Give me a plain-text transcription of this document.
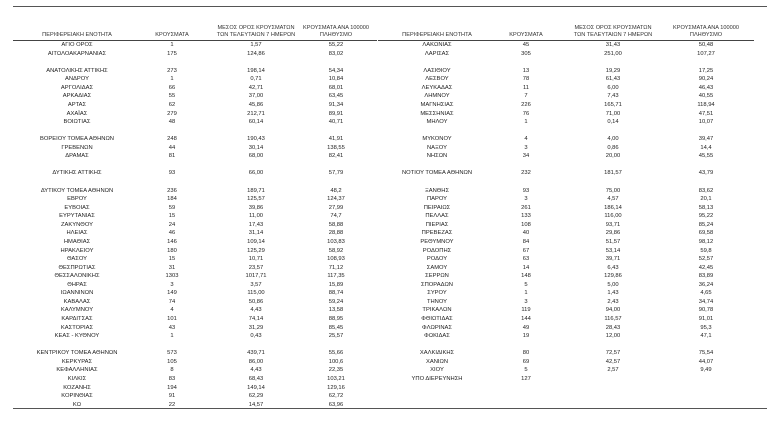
ΠΕΡΙΦΕΡΕΙΑΚΗ ΕΝΟΤΗΤΑ	ΚΡΟΥΣΜΑΤΑ
ΜΕΣΟΣ ΟΡΟΣ ΚΡΟΥΣΜΑΤΩΝ
ΤΩΝ ΤΕΛΕΥΤΑΙΩΝ 7 ΗΜΕΡΩΝ
ΚΡΟΥΣΜΑΤΑ ΑΝΑ 100000
ΠΛΗΘΥΣΜΟ
ΑΓΙΟ ΟΡΟΣ	1	1,57	55,22
ΑΙΤΩΛΟΑΚΑΡΝΑΝΙΑΣ	175	124,86	83,02
ΑΝΑΤΟΛΙΚΗΣ ΑΤΤΙΚΗΣ	273	198,14	54,34
ΑΝΔΡΟΥ	1	0,71	10,84
ΑΡΓΟΛΙΔΑΣ	66	42,71	68,01
ΑΡΚΑΔΙΑΣ	55	37,00	63,45
ΑΡΤΑΣ	62	45,86	91,34
ΑΧΑΪΑΣ	279	212,71	89,91
ΒΟΙΩΤΙΑΣ	48	60,14	40,71
ΒΟΡΕΙΟΥ ΤΟΜΕΑ ΑΘΗΝΩΝ	248	190,43	41,91
ΓΡΕΒΕΝΩΝ	44	30,14	138,55
ΔΡΑΜΑΣ	81	68,00	82,41
ΔΥΤΙΚΗΣ ΑΤΤΙΚΗΣ	93	66,00	57,79
ΔΥΤΙΚΟΥ ΤΟΜΕΑ ΑΘΗΝΩΝ	236	189,71	48,2
ΕΒΡΟΥ	184	125,57	124,37
ΕΥΒΟΙΑΣ	59	39,86	27,99
ΕΥΡΥΤΑΝΙΑΣ	15	11,00	74,7
ΖΑΚΥΝΘΟΥ	24	17,43	58,88
ΗΛΕΙΑΣ	46	31,14	28,88
ΗΜΑΘΙΑΣ	146	109,14	103,83
ΗΡΑΚΛΕΙΟΥ	180	125,29	58,92
ΘΑΣΟΥ	15	10,71	108,93
ΘΕΣΠΡΩΤΙΑΣ	31	23,57	71,12
ΘΕΣΣΑΛΟΝΙΚΗΣ	1303	1017,71	117,35
ΘΗΡΑΣ	3	3,57	15,89
ΙΩΑΝΝΙΝΩΝ	149	115,00	88,74
ΚΑΒΑΛΑΣ	74	50,86	59,24
ΚΑΛΥΜΝΟΥ	4	4,43	13,58
ΚΑΡΔΙΤΣΑΣ	101	74,14	88,95
ΚΑΣΤΟΡΙΑΣ	43	31,29	85,45
ΚΕΑΣ - ΚΥΘΝΟΥ	1	0,43	25,57
ΚΕΝΤΡΙΚΟΥ ΤΟΜΕΑ ΑΘΗΝΩΝ	573	439,71	55,66
ΚΕΡΚΥΡΑΣ	105	86,00	100,6
ΚΕΦΑΛΛΗΝΙΑΣ	8	4,43	22,35
ΚΙΛΚΙΣ	83	68,43	103,21
ΚΟΖΑΝΗΣ	194	149,14	129,16
ΚΟΡΙΝΘΙΑΣ	91	62,29	62,72
ΚΩ	22	14,57	63,96
ΠΕΡΙΦΕΡΕΙΑΚΗ ΕΝΟΤΗΤΑ	ΚΡΟΥΣΜΑΤΑ
ΜΕΣΟΣ ΟΡΟΣ ΚΡΟΥΣΜΑΤΩΝ
ΤΩΝ ΤΕΛΕΥΤΑΙΩΝ 7 ΗΜΕΡΩΝ
ΚΡΟΥΣΜΑΤΑ ΑΝΑ 100000
ΠΛΗΘΥΣΜΟ
ΛΑΚΩΝΙΑΣ	45	31,43	50,48
ΛΑΡΙΣΑΣ	305	251,00	107,27
ΛΑΣΙΘΙΟΥ	13	19,29	17,25
ΛΕΣΒΟΥ	78	61,43	90,24
ΛΕΥΚΑΔΑΣ	11	6,00	46,43
ΛΗΜΝΟΥ	7	7,43	40,55
ΜΑΓΝΗΣΙΑΣ	226	165,71	118,94
ΜΕΣΣΗΝΙΑΣ	76	71,00	47,51
ΜΗΛΟΥ	1	0,14	10,07
ΜΥΚΟΝΟΥ	4	4,00	39,47
ΝΑΞΟΥ	3	0,86	14,4
ΝΗΣΩΝ	34	20,00	45,55
ΝΟΤΙΟΥ ΤΟΜΕΑ ΑΘΗΝΩΝ	232	181,57	43,79
ΞΑΝΘΗΣ	93	75,00	83,62
ΠΑΡΟΥ	3	4,57	20,1
ΠΕΙΡΑΙΩΣ	261	186,14	58,13
ΠΕΛΛΑΣ	133	116,00	95,22
ΠΙΕΡΙΑΣ	108	93,71	85,24
ΠΡΕΒΕΖΑΣ	40	29,86	69,58
ΡΕΘΥΜΝΟΥ	84	51,57	98,12
ΡΟΔΟΠΗΣ	67	53,14	59,8
ΡΟΔΟΥ	63	39,71	52,57
ΣΑΜΟΥ	14	6,43	42,45
ΣΕΡΡΩΝ	148	129,86	83,89
ΣΠΟΡΑΔΩΝ	5	5,00	36,24
ΣΥΡΟΥ	1	1,43	4,65
ΤΗΝΟΥ	3	2,43	34,74
ΤΡΙΚΑΛΩΝ	119	94,00	90,78
ΦΘΙΩΤΙΔΑΣ	144	116,57	91,01
ΦΛΩΡΙΝΑΣ	49	28,43	95,3
ΦΩΚΙΔΑΣ	19	12,00	47,1
ΧΑΛΚΙΔΙΚΗΣ	80	72,57	75,54
ΧΑΝΙΩΝ	69	42,57	44,07
ΧΙΟΥ	5	2,57	9,49
ΥΠΟ ΔΙΕΡΕΥΝΗΣΗ	127
